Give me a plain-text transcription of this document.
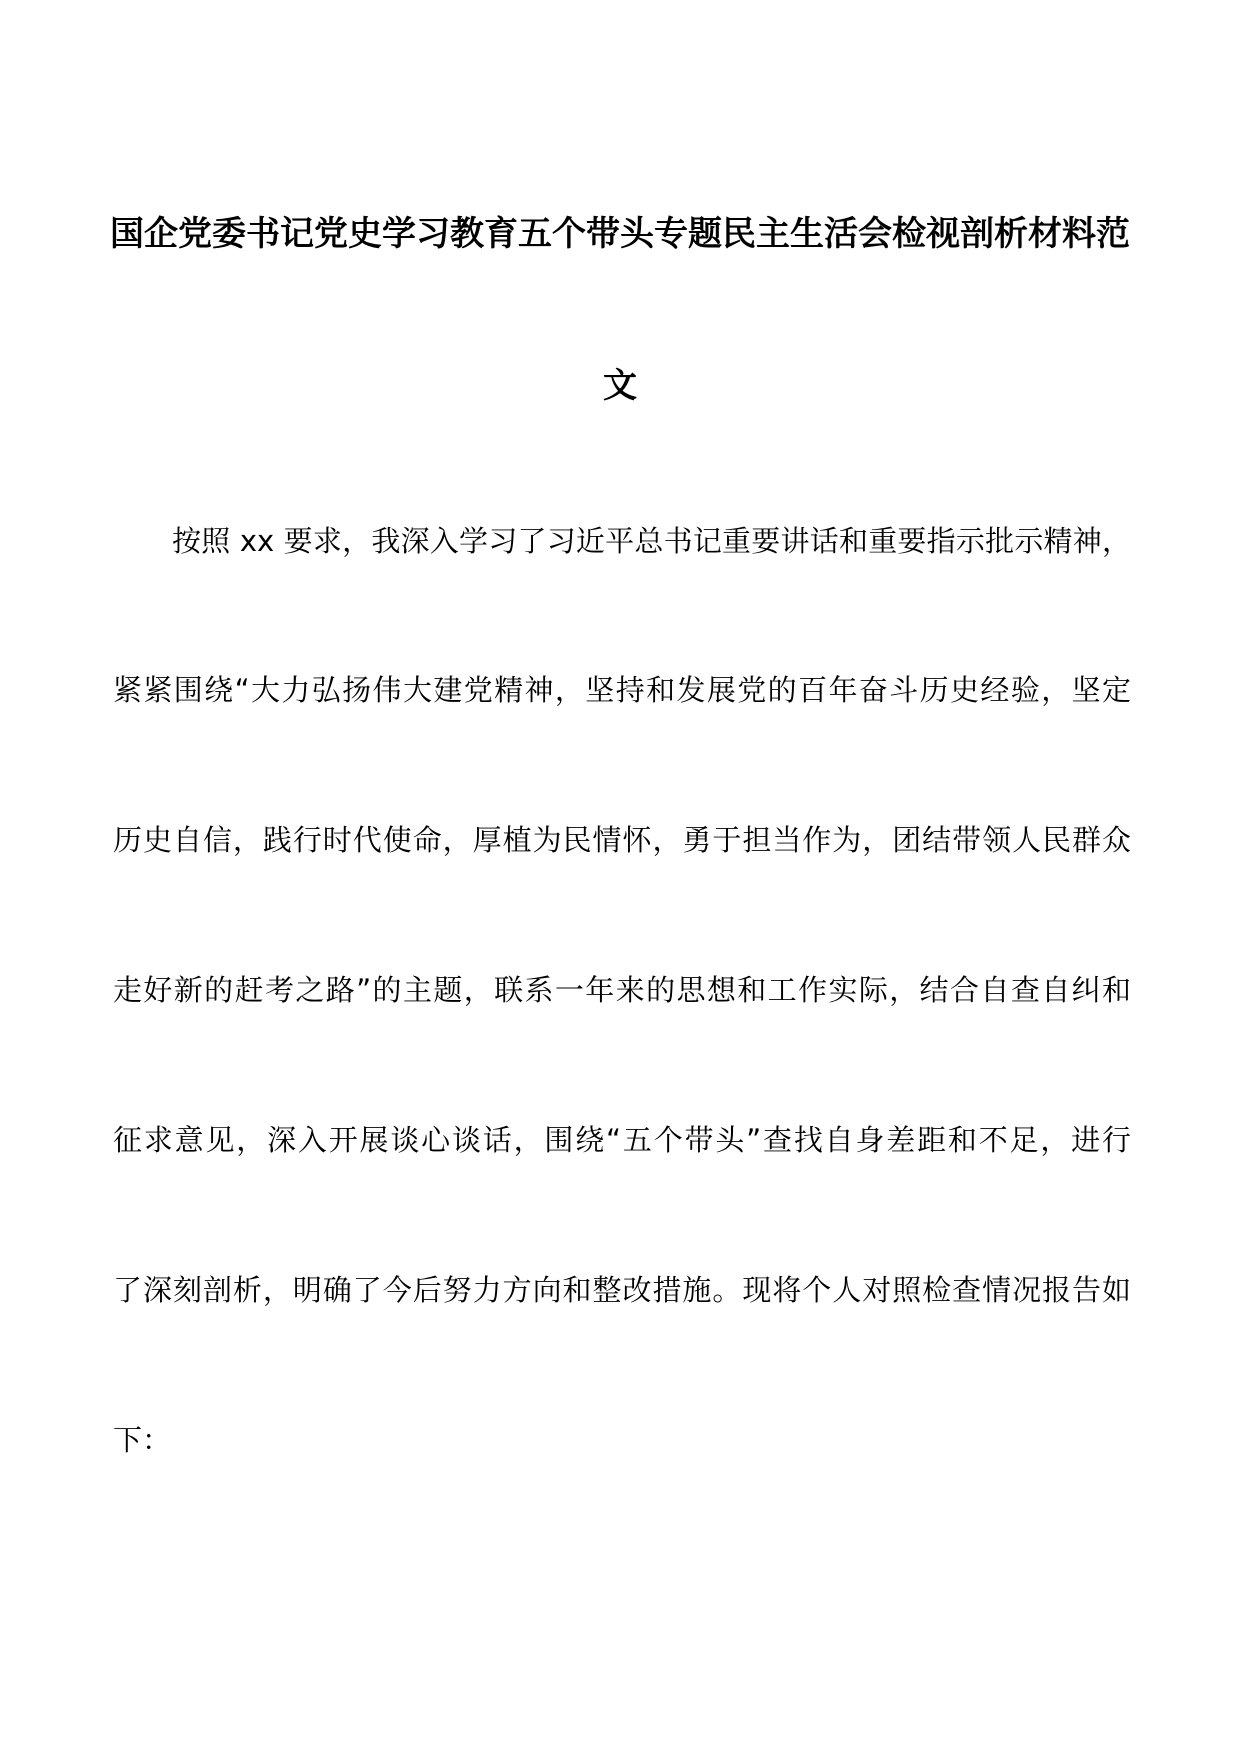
国企党委书记党史学习教育五个带头专题民主生活会检视剖析材料范
文
按照 xx 要求，我深入学习了习近平总书记重要讲话和重要指示批示精神，
紧紧围绕“大力弘扬伟大建党精神，坚持和发展党的百年奋斗历史经验，坚定
历史自信，践行时代使命，厚植为民情怀，勇于担当作为，团结带领人民群众
走好新的赶考之路”的主题，联系一年来的思想和工作实际，结合自查自纠和
征求意见，深入开展谈心谈话，围绕“五个带头”查找自身差距和不足，进行
了深刻剖析，明确了今后努力方向和整改措施。现将个人对照检查情况报告如
下：
